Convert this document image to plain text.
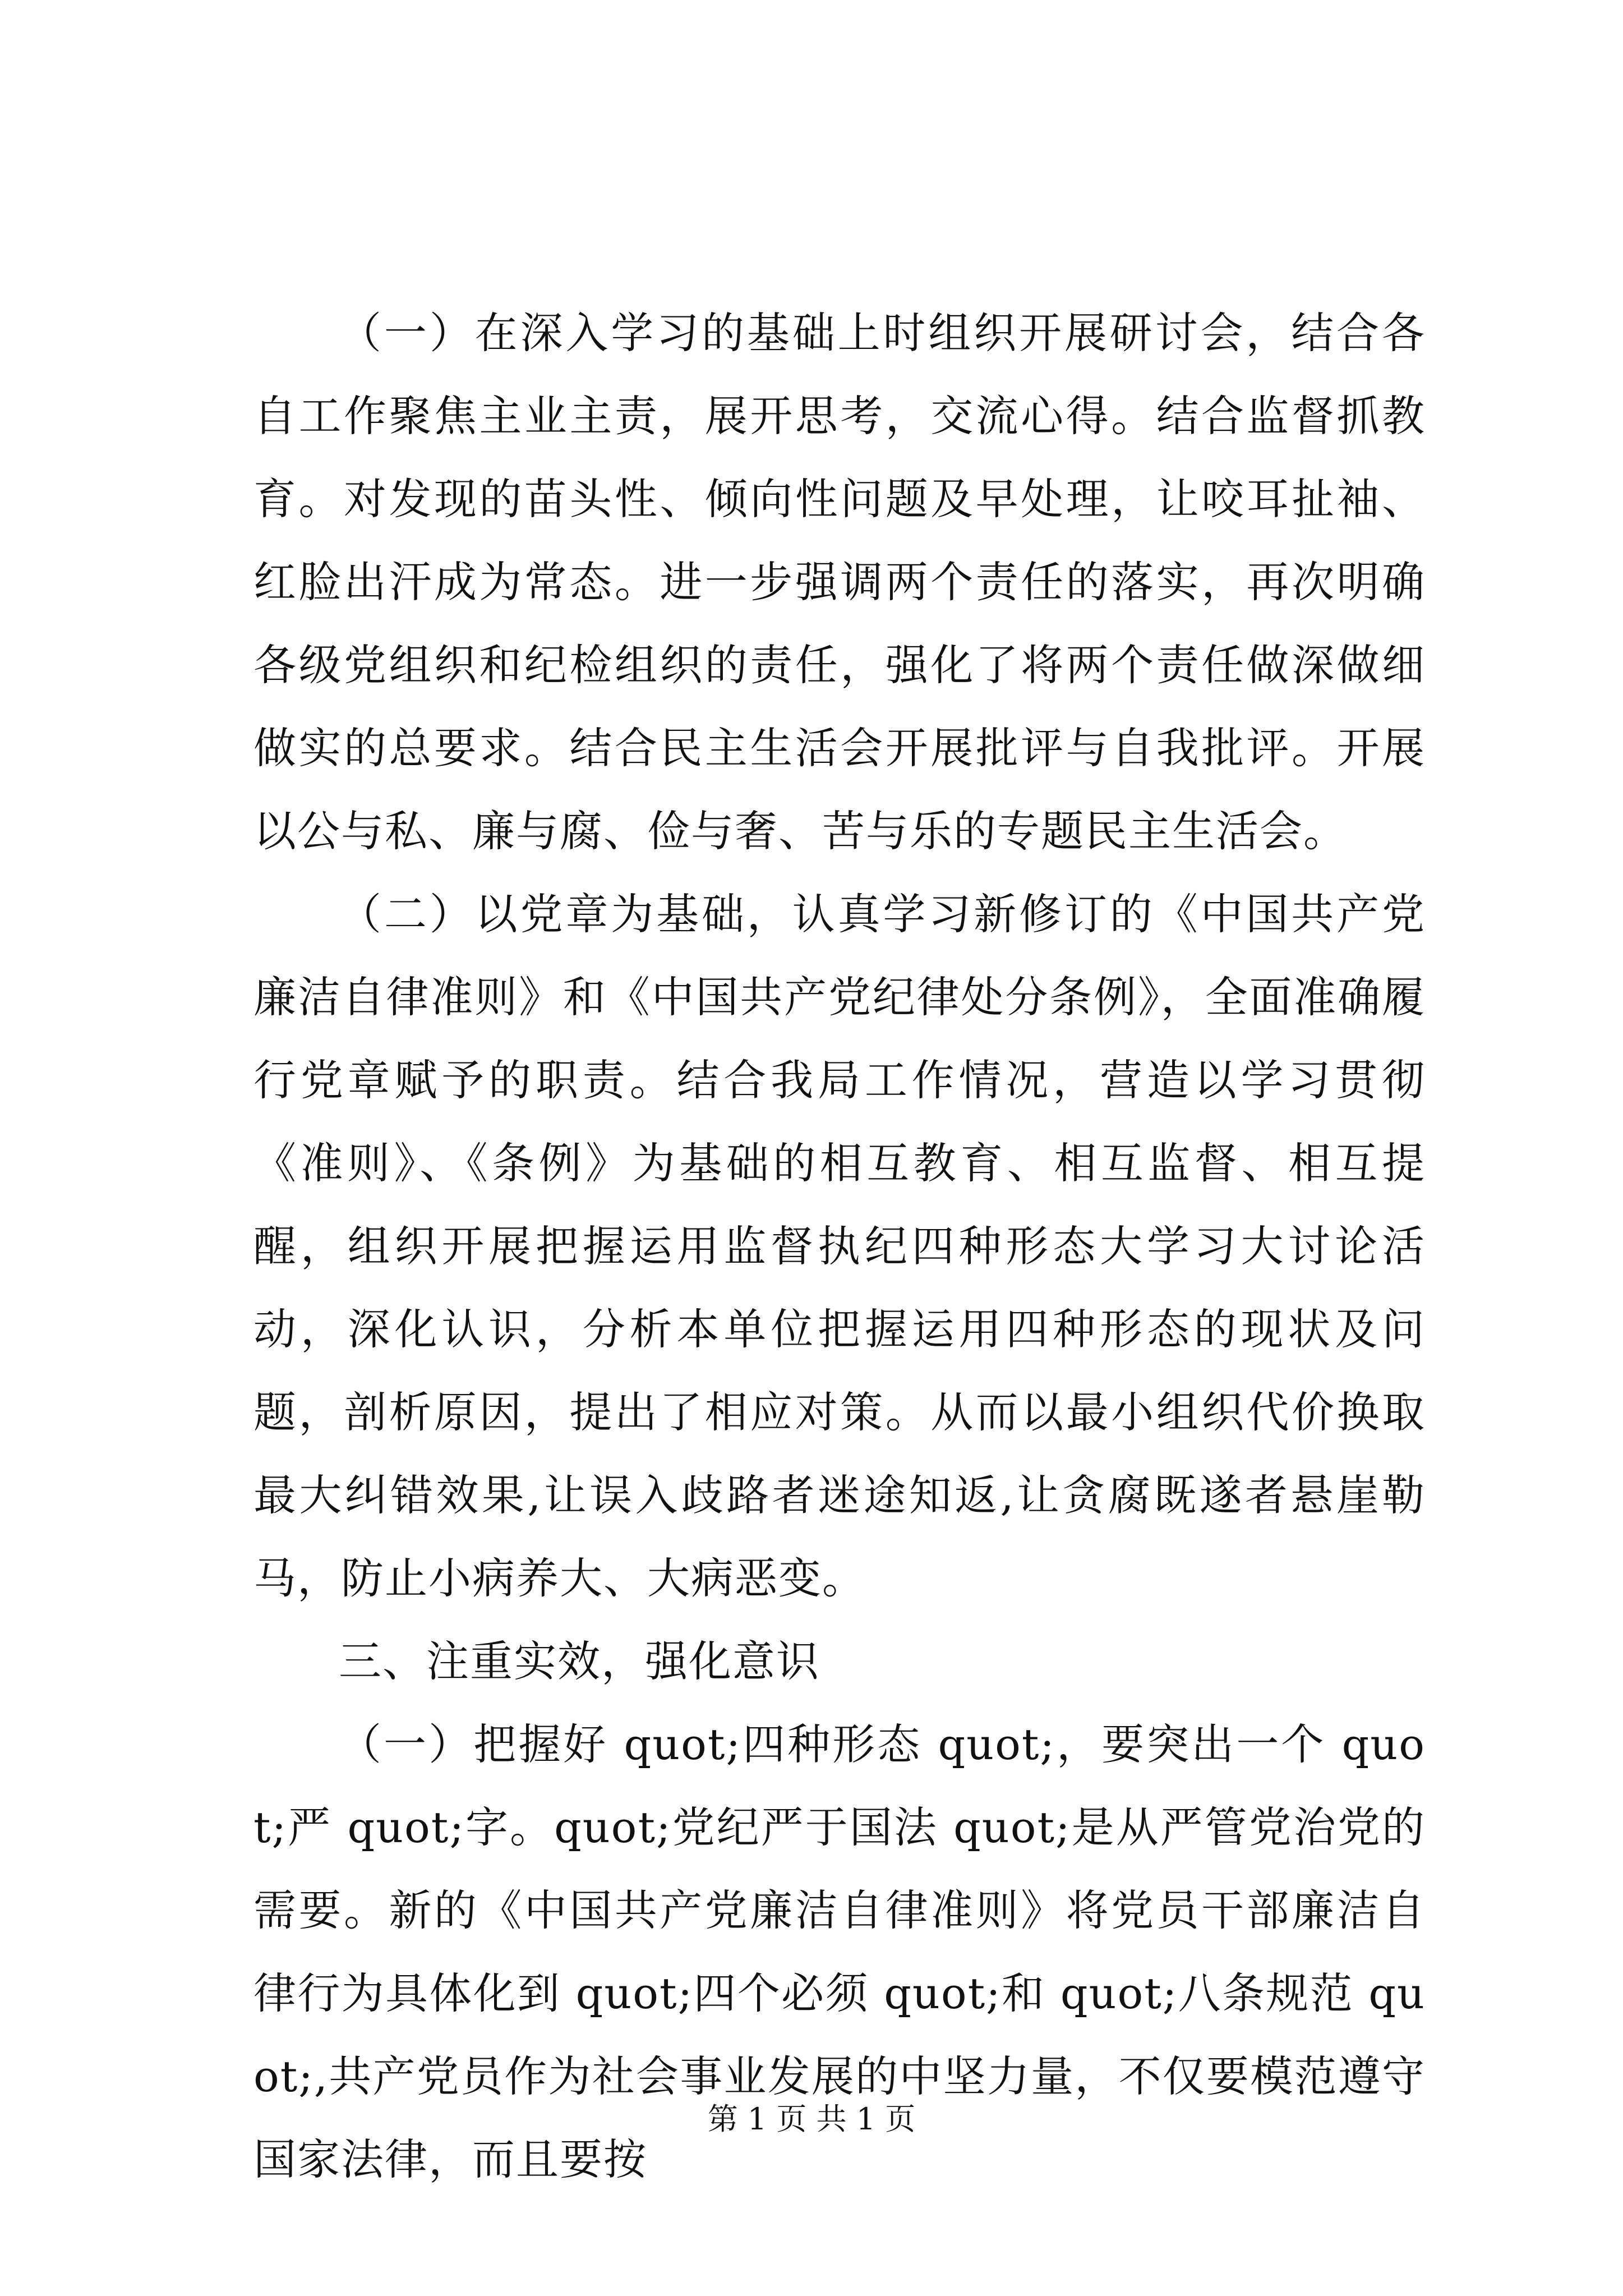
（一）在深入学习的基础上时组织开展研讨会，结合各自工作聚焦主业主责，展开思考，交流心得。结合监督抓教育。对发现的苗头性、倾向性问题及早处理，让咬耳扯袖、红脸出汗成为常态。进一步强调两个责任的落实，再次明确各级党组织和纪检组织的责任，强化了将两个责任做深做细做实的总要求。结合民主生活会开展批评与自我批评。开展以公与私、廉与腐、俭与奢、苦与乐的专题民主生活会。

（二）以党章为基础，认真学习新修订的《中国共产党廉洁自律准则》和《中国共产党纪律处分条例》，全面准确履行党章赋予的职责。结合我局工作情况，营造以学习贯彻《准则》、《条例》为基础的相互教育、相互监督、相互提醒，组织开展把握运用监督执纪四种形态大学习大讨论活动，深化认识，分析本单位把握运用四种形态的现状及问题，剖析原因，提出了相应对策。从而以最小组织代价换取最大纠错效果,让误入歧路者迷途知返,让贪腐既遂者悬崖勒马，防止小病养大、大病恶变。

三、注重实效，强化意识

（一）把握好 quot;四种形态 quot;，要突出一个 quot;严 quot;字。quot;党纪严于国法 quot;是从严管党治党的需要。新的《中国共产党廉洁自律准则》将党员干部廉洁自律行为具体化到 quot;四个必须 quot;和 quot;八条规范 quot;,共产党员作为社会事业发展的中坚力量，不仅要模范遵守国家法律，而且要按

第 1 页 共 1 页
